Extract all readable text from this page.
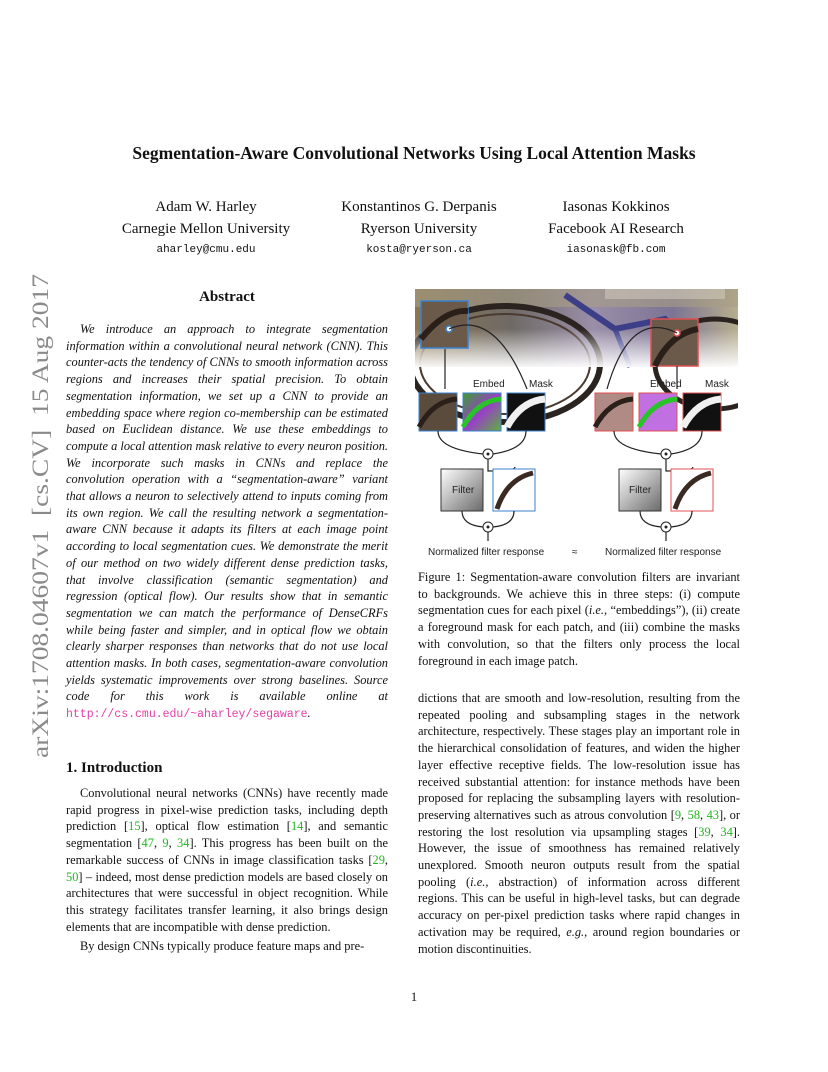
Segmentation-Aware Convolutional Networks Using Local Attention Masks
Adam W. Harley
Carnegie Mellon University
aharley@cmu.edu
Konstantinos G. Derpanis
Ryerson University
kosta@ryerson.ca
Iasonas Kokkinos
Facebook AI Research
iasonask@fb.com
arXiv:1708.04607v1  [cs.CV]  15 Aug 2017
Abstract

We introduce an approach to integrate segmentation information within a convolutional neural network (CNN). This counter-acts the tendency of CNNs to smooth information across regions and increases their spatial precision. To obtain segmentation information, we set up a CNN to provide an embedding space where region co-membership can be estimated based on Euclidean distance. We use these embeddings to compute a local attention mask relative to every neuron position. We incorporate such masks in CNNs and replace the convolution operation with a “segmentation-aware” variant that allows a neuron to selectively attend to inputs coming from its own region. We call the resulting network a segmentation-aware CNN because it adapts its filters at each image point according to local segmentation cues. We demonstrate the merit of our method on two widely different dense prediction tasks, that involve classification (semantic segmentation) and regression (optical flow). Our results show that in semantic segmentation we can match the performance of DenseCRFs while being faster and simpler, and in optical flow we obtain clearly sharper responses than networks that do not use local attention masks. In both cases, segmentation-aware convolution yields systematic improvements over strong baselines. Source code for this work is available online at http://cs.cmu.edu/~aharley/segaware.

1. Introduction

Convolutional neural networks (CNNs) have recently made rapid progress in pixel-wise prediction tasks, including depth prediction [15], optical flow estimation [14], and semantic segmentation [47, 9, 34]. This progress has been built on the remarkable success of CNNs in image classification tasks [29, 50] – indeed, most dense prediction models are based closely on architectures that were successful in object recognition. While this strategy facilitates transfer learning, it also brings design elements that are incompatible with dense prediction.

By design CNNs typically produce feature maps and pre-

dictions that are smooth and low-resolution, resulting from the repeated pooling and subsampling stages in the network architecture, respectively. These stages play an important role in the hierarchical consolidation of features, and widen the higher layer effective receptive fields. The low-resolution issue has received substantial attention: for instance methods have been proposed for replacing the subsampling layers with resolution-preserving alternatives such as atrous convolution [9, 58, 43], or restoring the lost resolution via upsampling stages [39, 34]. However, the issue of smoothness has remained relatively unexplored. Smooth neuron outputs result from the spatial pooling (i.e., abstraction) of information across different regions. This can be useful in high-level tasks, but can degrade accuracy on per-pixel prediction tasks where rapid changes in activation may be required, e.g., around region boundaries or motion discontinuities.

Embed Mask	Embed Mask
Filter	Filter
Normalized filter response	≈	Normalized filter response

Figure 1: Segmentation-aware convolution filters are invariant to backgrounds. We achieve this in three steps: (i) compute segmentation cues for each pixel (i.e., “embeddings”), (ii) create a foreground mask for each patch, and (iii) combine the masks with convolution, so that the filters only process the local foreground in each image patch.

1
